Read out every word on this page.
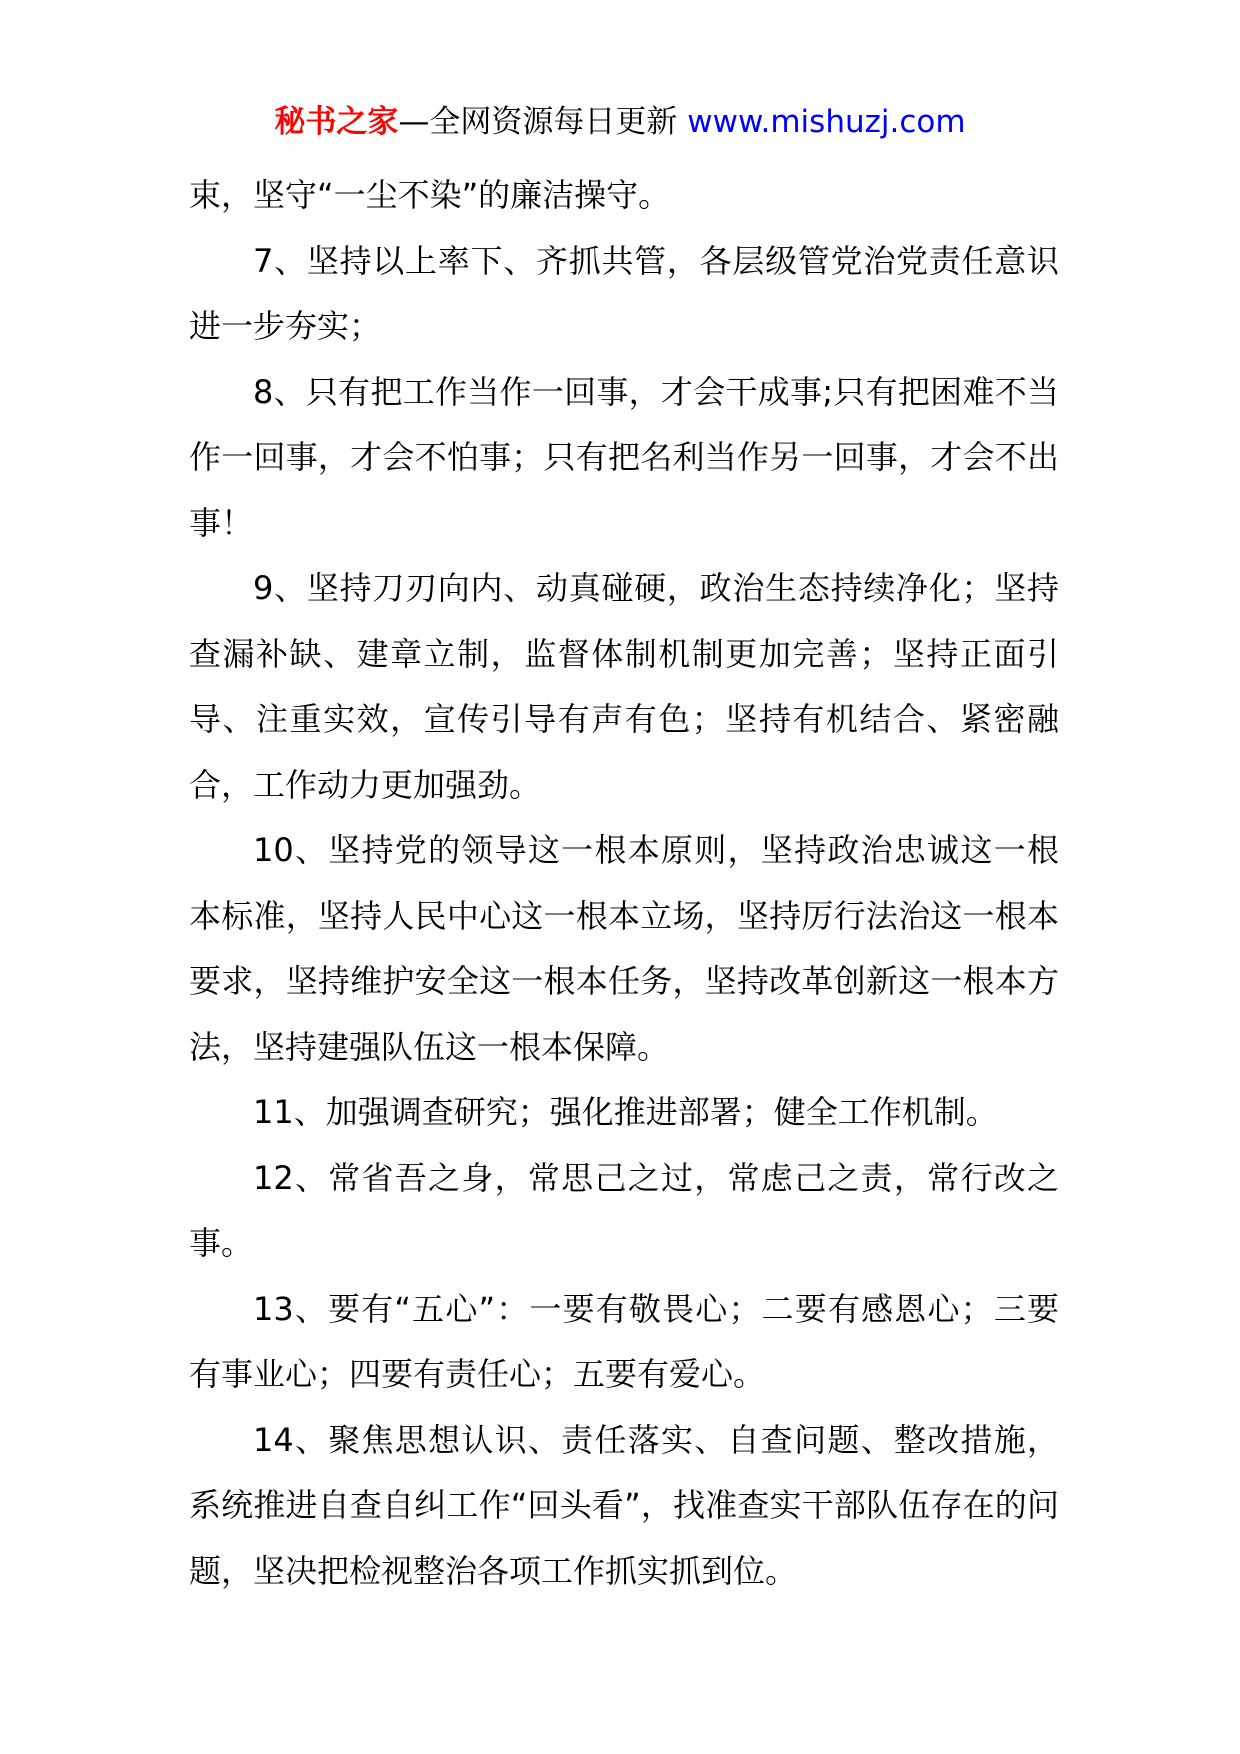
秘书之家—全网资源每日更新 www.mishuzj.com

束，坚守“一尘不染”的廉洁操守。

7、坚持以上率下、齐抓共管，各层级管党治党责任意识进一步夯实；

8、只有把工作当作一回事，才会干成事;只有把困难不当作一回事，才会不怕事；只有把名利当作另一回事，才会不出事！

9、坚持刀刃向内、动真碰硬，政治生态持续净化；坚持查漏补缺、建章立制，监督体制机制更加完善；坚持正面引导、注重实效，宣传引导有声有色；坚持有机结合、紧密融合，工作动力更加强劲。

10、坚持党的领导这一根本原则，坚持政治忠诚这一根本标准，坚持人民中心这一根本立场，坚持厉行法治这一根本要求，坚持维护安全这一根本任务，坚持改革创新这一根本方法，坚持建强队伍这一根本保障。

11、加强调查研究；强化推进部署；健全工作机制。

12、常省吾之身，常思己之过，常虑己之责，常行改之事。

13、要有“五心”：一要有敬畏心；二要有感恩心；三要有事业心；四要有责任心；五要有爱心。

14、聚焦思想认识、责任落实、自查问题、整改措施，系统推进自查自纠工作“回头看”，找准查实干部队伍存在的问题，坚决把检视整治各项工作抓实抓到位。
